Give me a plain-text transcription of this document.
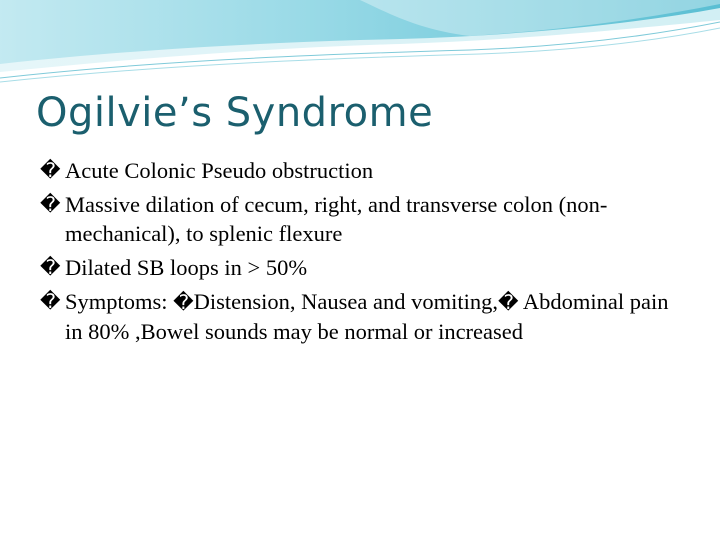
Ogilvie’s Syndrome
� Acute Colonic Pseudo obstruction
� Massive dilation of cecum, right, and transverse colon (non-mechanical), to splenic flexure
� Dilated SB loops in > 50%
� Symptoms: �Distension, Nausea and vomiting,� Abdominal pain in 80% ,Bowel sounds may be normal or increased
